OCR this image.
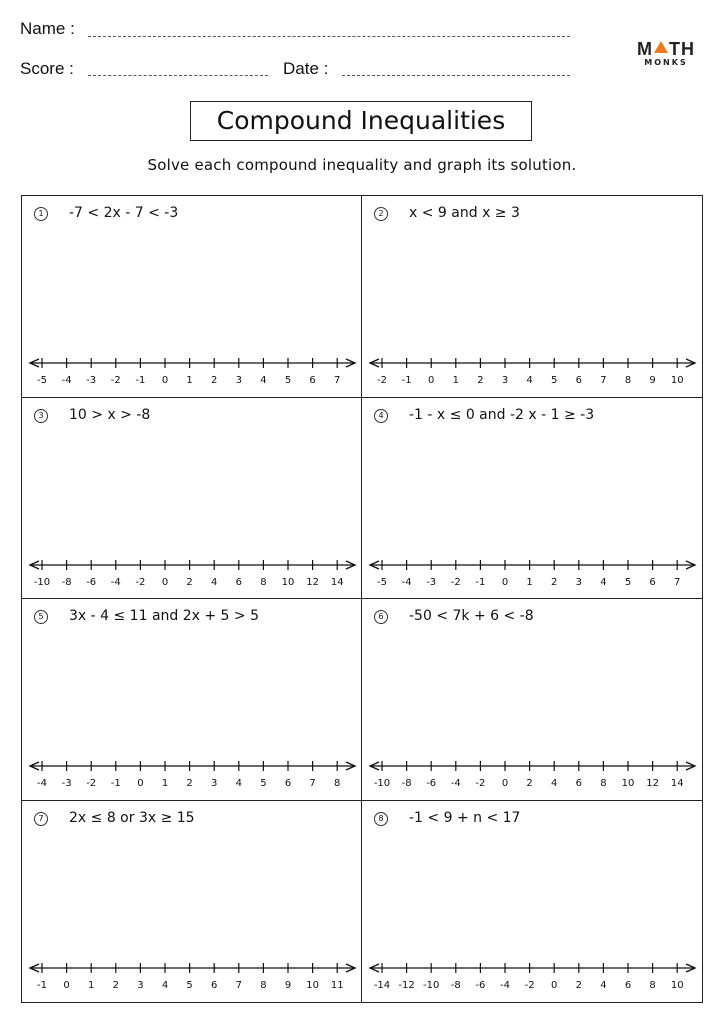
Name :
Score :	Date :
M TH
MONKS
Compound Inequalities
Solve each compound inequality and graph its solution.
1	-7 < 2x - 7 < -3
-5 -4 -3 -2 -1 0 1 2 3 4 5 6 7
2	x < 9 and x ≥ 3
-2 -1 0 1 2 3 4 5 6 7 8 9 10
3	10 > x > -8
-10 -8 -6 -4 -2 0 2 4 6 8 10 12 14
4	-1 - x ≤ 0 and -2 x - 1 ≥ -3
-5 -4 -3 -2 -1 0 1 2 3 4 5 6 7
5	3x - 4 ≤ 11 and 2x + 5 > 5
-4 -3 -2 -1 0 1 2 3 4 5 6 7 8
6	-50 < 7k + 6 < -8
-10 -8 -6 -4 -2 0 2 4 6 8 10 12 14
7	2x ≤ 8 or 3x ≥ 15
-1 0 1 2 3 4 5 6 7 8 9 10 11
8	-1 < 9 + n < 17
-14 -12 -10 -8 -6 -4 -2 0 2 4 6 8 10
